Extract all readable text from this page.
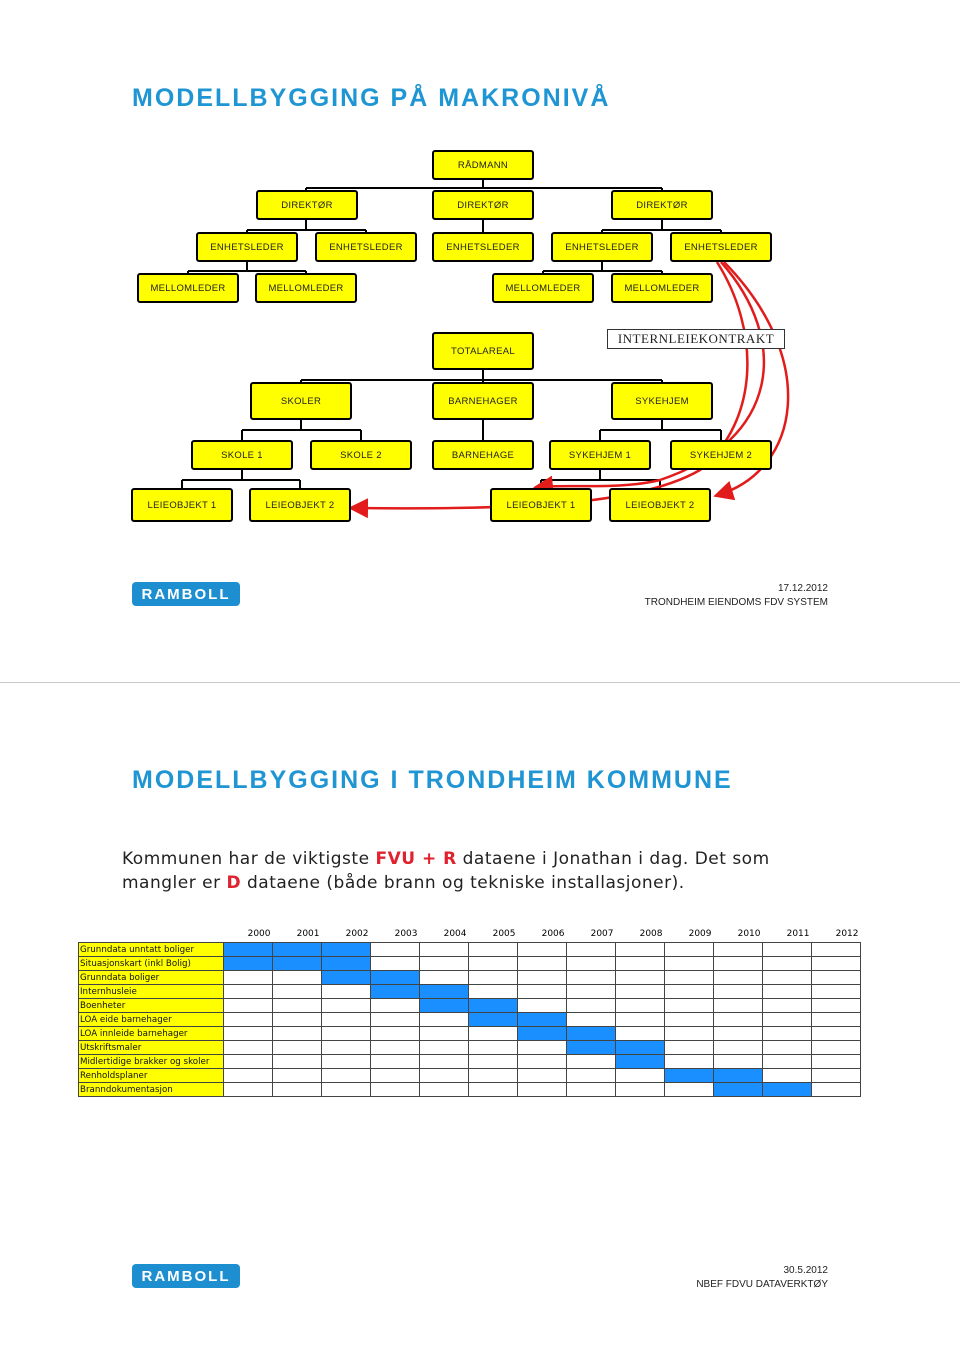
MODELLBYGGING PÅ MAKRONIVÅ
RÅDMANN
DIREKTØR	DIREKTØR	DIREKTØR
ENHETSLEDER	ENHETSLEDER	ENHETSLEDER	ENHETSLEDER	ENHETSLEDER
MELLOMLEDER	MELLOMLEDER	MELLOMLEDER	MELLOMLEDER
TOTALAREAL
INTERNLEIEKONTRAKT
SKOLER	BARNEHAGER	SYKEHJEM
SKOLE 1	SKOLE 2	BARNEHAGE	SYKEHJEM 1	SYKEHJEM 2
LEIEOBJEKT 1	LEIEOBJEKT 2	LEIEOBJEKT 1	LEIEOBJEKT 2
RAMBOLL	17.12.2012
TRONDHEIM EIENDOMS FDV SYSTEM
MODELLBYGGING I TRONDHEIM KOMMUNE
Kommunen har de viktigste FVU + R dataene i Jonathan i dag. Det som mangler er D dataene (både brann og tekniske installasjoner).
	2000	2001	2002	2003	2004	2005	2006	2007	2008	2009	2010	2011	2012
Grunndata unntatt boliger													
Situasjonskart (inkl Bolig)													
Grunndata boliger													
Internhusleie													
Boenheter													
LOA eide barnehager													
LOA innleide barnehager													
Utskriftsmaler													
Midlertidige brakker og skoler													
Renholdsplaner													
Branndokumentasjon													
RAMBOLL	30.5.2012
NBEF FDVU DATAVERKTØY
